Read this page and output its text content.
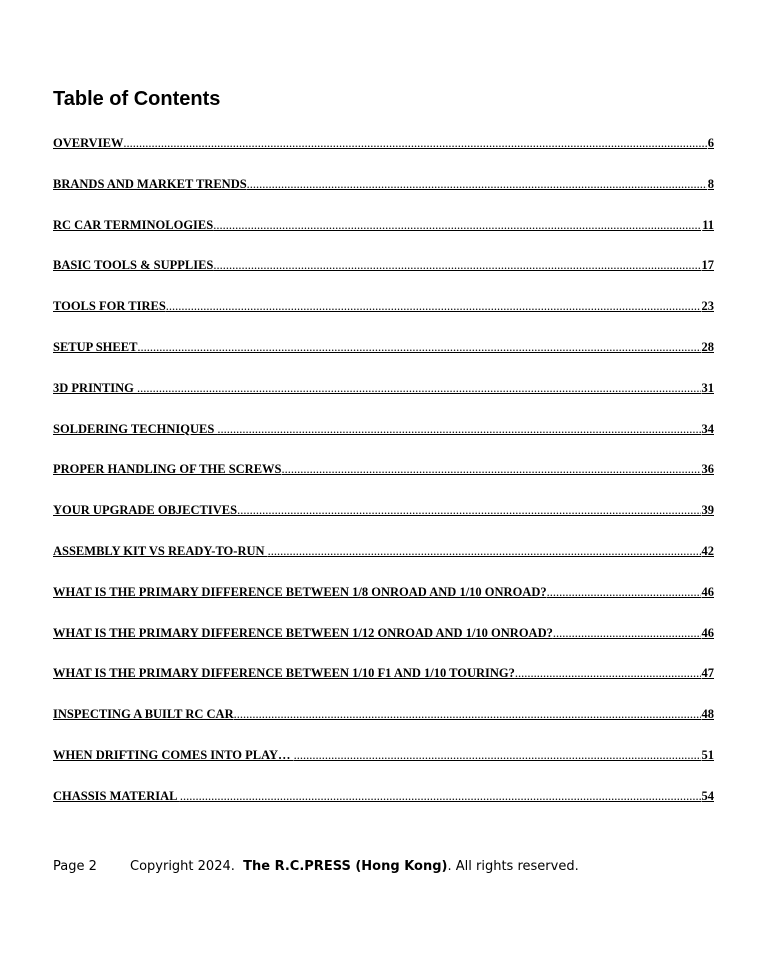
Table of Contents
OVERVIEW .....	6
BRANDS AND MARKET TRENDS .....	8
RC CAR TERMINOLOGIES .....	11
BASIC TOOLS & SUPPLIES .....	17
TOOLS FOR TIRES .....	23
SETUP SHEET .....	28
3D PRINTING .....	31
SOLDERING TECHNIQUES .....	34
PROPER HANDLING OF THE SCREWS .....	36
YOUR UPGRADE OBJECTIVES .....	39
ASSEMBLY KIT VS READY-TO-RUN .....	42
WHAT IS THE PRIMARY DIFFERENCE BETWEEN 1/8 ONROAD AND 1/10 ONROAD? .....	46
WHAT IS THE PRIMARY DIFFERENCE BETWEEN 1/12 ONROAD AND 1/10 ONROAD? .....	46
WHAT IS THE PRIMARY DIFFERENCE BETWEEN 1/10 F1 AND 1/10 TOURING? .....	47
INSPECTING A BUILT RC CAR .....	48
WHEN DRIFTING COMES INTO PLAY… .....	51
CHASSIS MATERIAL .....	54
Page 2	Copyright 2024.  The R.C.PRESS (Hong Kong). All rights reserved.
